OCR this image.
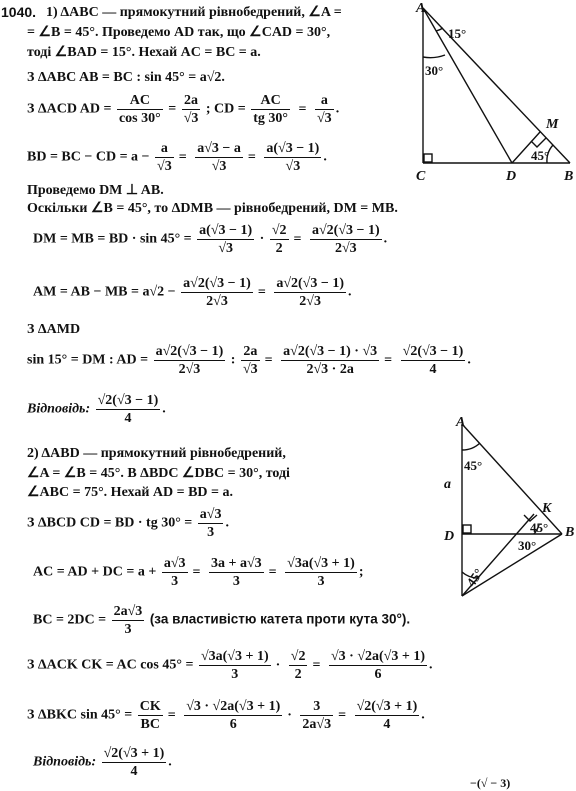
1040. 1) ΔABC — прямокутний рівнобедрений, ∠A =
= ∠B = 45°. Проведемо AD так, що ∠CAD = 30°,
тоді ∠BAD = 15°. Нехай AC = BC = a.
З ΔABC AB = BC : sin 45° = a√2.
З ΔACD AD = $\frac{AC}{\cos 30^\circ} = \frac{2a}{√3}$ ; CD = $\frac{AC}{tg 30^\circ} = \frac{a}{√3}$ .
BD = BC − CD = $a - \frac{a}{√3} = \frac{a√3 - a}{√3} = \frac{a(√3 - 1)}{√3}$ .
Проведемо DM ⊥ AB.
Оскільки ∠B = 45°, то ΔDMB — рівнобедрений, DM = MB.
DM = MB = BD · $\sin 45^\circ = \frac{a(√3 - 1)}{√3} \cdot \frac{√2}{2} = \frac{a√2(√3 - 1)}{2√3}$ .
AM = AB − MB = $a√2 - \frac{a√2(√3 - 1)}{2√3} = \frac{a√2(√3 - 1)}{2√3}$ .
З ΔAMD
sin 15° = DM : AD = $\frac{a√2(√3 - 1)}{2√3}$ : $\frac{2a}{√3} = \frac{a√2(√3 - 1) \cdot √3}{2√3 \cdot 2a} = \frac{√2(√3 - 1)}{4}$ .
Відповідь: $\frac{√2(√3 - 1)}{4}$ .
2) ΔABD — прямокутний рівнобедрений,
∠A = ∠B = 45°. В ΔBDC ∠DBC = 30°, тоді
∠ABC = 75°. Нехай AD = BD = a.
З ΔBCD CD = BD · tg $30^\circ = \frac{a√3}{3}$ .
AC = AD + DC = $a + \frac{a√3}{3} = \frac{3a + a√3}{3} = \frac{√3a(√3 + 1)}{3}$ ;
BC = $2DC = \frac{2a√3}{3} (за$ властивістю катета проти кута 30°).
З ΔACK CK = AC $\cos 45^\circ = \frac{√3a(√3 + 1)}{3} \cdot \frac{√2}{2} = \frac{√3 \cdot √2a(√3 + 1)}{6}$ .
З ΔBKC $\sin 45^\circ = \frac{CK}{BC} = \frac{√3 \cdot √2a(√3 + 1)}{6} \cdot \frac{3}{2a√3} = \frac{√2(√3 + 1)}{4}$ .
Відповідь: $\frac{√2(√3 + 1)}{4}$ .
−(√ − 3)
A
15°
30°
M
45°
C	D	B
A
45°
a
K
45° B
D
30°
45°
